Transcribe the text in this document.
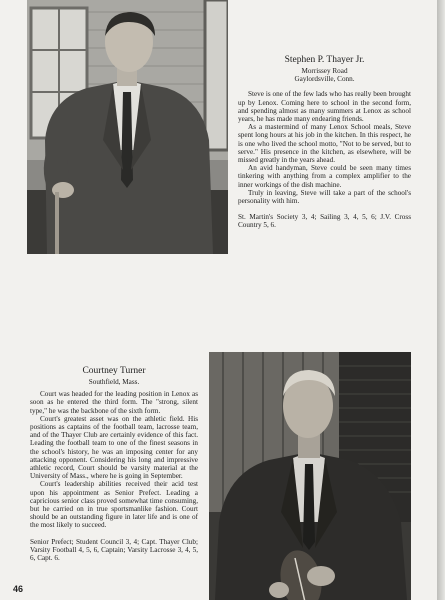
Stephen P. Thayer Jr.
Morrissey Road
Gaylordsville, Conn.

Steve is one of the few lads who has really been brought up by Lenox. Coming here to school in the second form, and spending almost as many summers at Lenox as school years, he has made many endearing friends.

As a mastermind of many Lenox School meals, Steve spent long hours at his job in the kitchen. In this respect, he is one who lived the school motto, "Not to be served, but to serve." His presence in the kitchen, as elsewhere, will be missed greatly in the years ahead.

An avid handyman, Steve could be seen many times tinkering with anything from a complex amplifier to the inner workings of the dish machine.

Truly in leaving, Steve will take a part of the school's personality with him.

St. Martin's Society 3, 4; Sailing 3, 4, 5, 6; J.V. Cross Country 5, 6.

Courtney Turner
Southfield, Mass.

Court was headed for the leading position in Lenox as soon as he entered the third form. The "strong, silent type," he was the backbone of the sixth form.

Court's greatest asset was on the athletic field. His positions as captains of the football team, lacrosse team, and of the Thayer Club are certainly evidence of this fact. Leading the football team to one of the finest seasons in the school's history, he was an imposing center for any attacking opponent. Considering his long and impressive athletic record, Court should be varsity material at the University of Mass., where he is going in September.

Court's leadership abilities received their acid test upon his appointment as Senior Prefect. Leading a capricious senior class proved somewhat time consuming, but he carried on in true sportsmanlike fashion. Court should be an outstanding figure in later life and is one of the most likely to succeed.

Senior Prefect; Student Council 3, 4; Capt. Thayer Club; Varsity Football 4, 5, 6, Captain; Varsity Lacrosse 3, 4, 5, 6, Capt. 6.

46
